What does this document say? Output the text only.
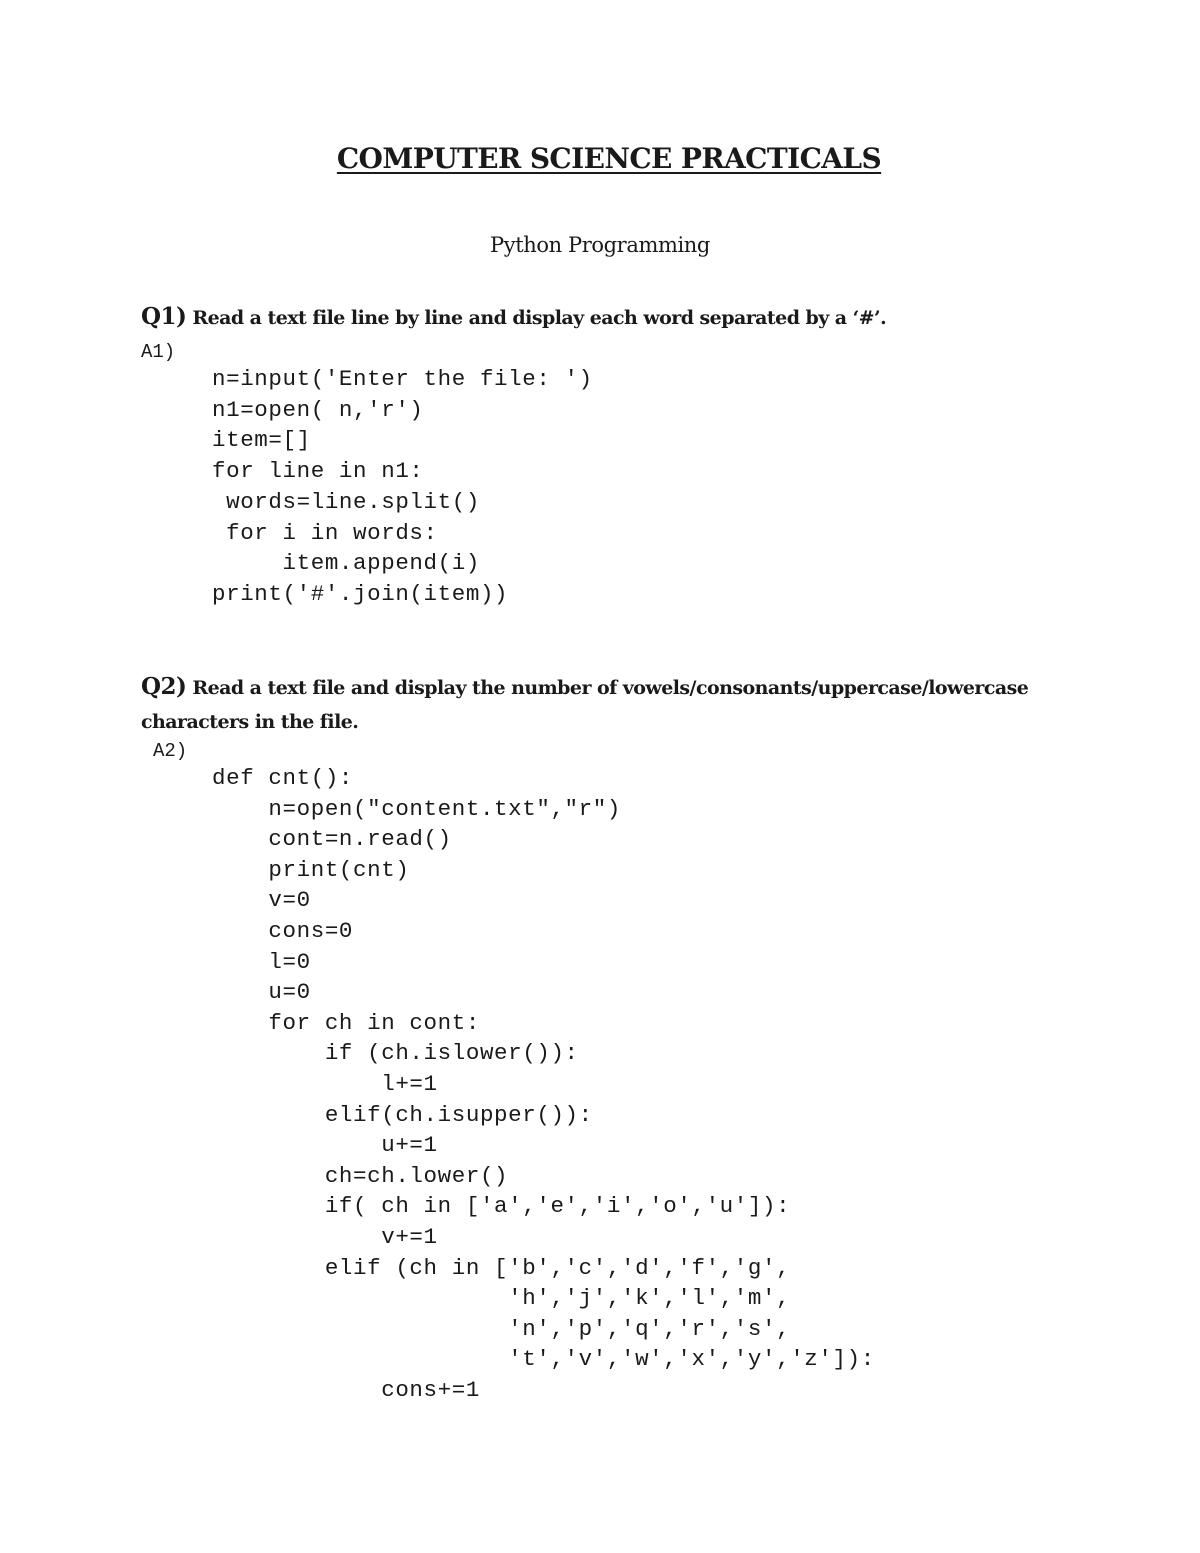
COMPUTER SCIENCE PRACTICALS
Python Programming
Q1) Read a text file line by line and display each word separated by a ‘#’.
A1)
n=input('Enter the file: ')
n1=open( n,'r')
item=[]
for line in n1:
words=line.split()
for i in words:
item.append(i)
print('#'.join(item))
Q2) Read a text file and display the number of vowels/consonants/uppercase/lowercase characters in the file.
A2)
def cnt():
n=open("content.txt","r")
cont=n.read()
print(cnt)
v=0
cons=0
l=0
u=0
for ch in cont:
if (ch.islower()):
l+=1
elif(ch.isupper()):
u+=1
ch=ch.lower()
if( ch in ['a','e','i','o','u']):
v+=1
elif (ch in ['b','c','d','f','g',
'h','j','k','l','m',
'n','p','q','r','s',
't','v','w','x','y','z']):
cons+=1
